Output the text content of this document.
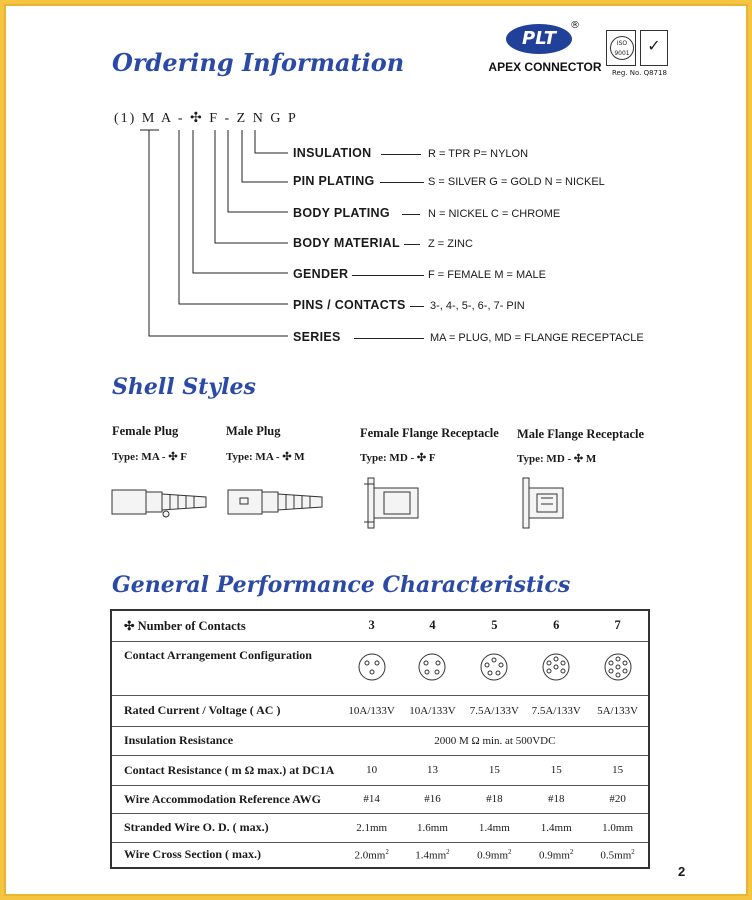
Ordering Information
PLT
®
APEX CONNECTOR
ISO 9001	✓
Reg. No. Q8718
(1) M A - ✣ F - Z N G P
INSULATION	R = TPR P= NYLON
PIN PLATING	S = SILVER G = GOLD N = NICKEL
BODY PLATING	N = NICKEL C = CHROME
BODY MATERIAL	Z = ZINC
GENDER	F = FEMALE M = MALE
PINS / CONTACTS 3-, 4-, 5-, 6-, 7- PIN
SERIES	MA = PLUG, MD = FLANGE RECEPTACLE
Shell Styles
Female Plug
Type: MA - ✣ F
Male Plug
Type: MA - ✣ M
Female Flange Receptacle
Type: MD - ✣ F
Male Flange Receptacle
Type: MD - ✣ M
General Performance Characteristics
✣ Number of Contacts	3	4	5	6	7
Contact Arrangement Configuration					
Rated Current / Voltage ( AC )	10A/133V	10A/133V	7.5A/133V	7.5A/133V	5A/133V
Insulation Resistance	2000 M Ω min. at 500VDC				
Contact Resistance ( m Ω max.) at DC1A	10	13	15	15	15
Wire Accommodation Reference AWG	#14	#16	#18	#18	#20
Stranded Wire O. D. ( max.)	2.1mm	1.6mm	1.4mm	1.4mm	1.0mm
Wire Cross Section ( max.)	$2.0mm^2$	$1.4mm^2$	$0.9mm^2$	$0.9mm^2$	$0.5mm^2$
2
